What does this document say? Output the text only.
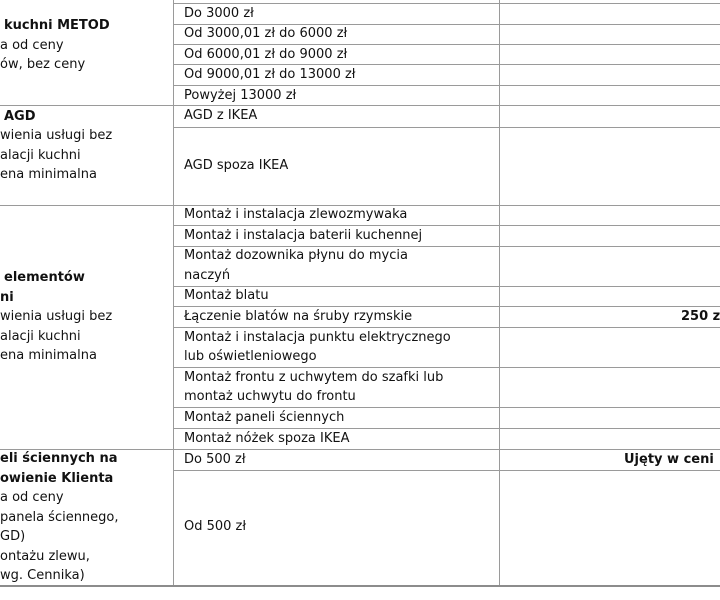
kuchni METOD
a od ceny
ów, bez ceny
Do 3000 zł
Od 3000,01 zł do 6000 zł
Od 6000,01 zł do 9000 zł
Od 9000,01 zł do 13000 zł
Powyżej 13000 zł
AGD
wienia usługi bez
alacji kuchni
ena minimalna
AGD z IKEA
AGD spoza IKEA
elementów
ni
wienia usługi bez
alacji kuchni
ena minimalna
Montaż i instalacja zlewozmywaka
Montaż i instalacja baterii kuchennej
Montaż dozownika płynu do mycia
naczyń
Montaż blatu
Łączenie blatów na śruby rzymskie	250 z
Montaż i instalacja punktu elektrycznego
lub oświetleniowego
Montaż frontu z uchwytem do szafki lub
montaż uchwytu do frontu
Montaż paneli ściennych
Montaż nóżek spoza IKEA
eli ściennych na
owienie Klienta
a od ceny
panela ściennego,
GD)
ontażu zlewu,
wg. Cennika)
Do 500 zł	Ujęty w ceni
Od 500 zł
